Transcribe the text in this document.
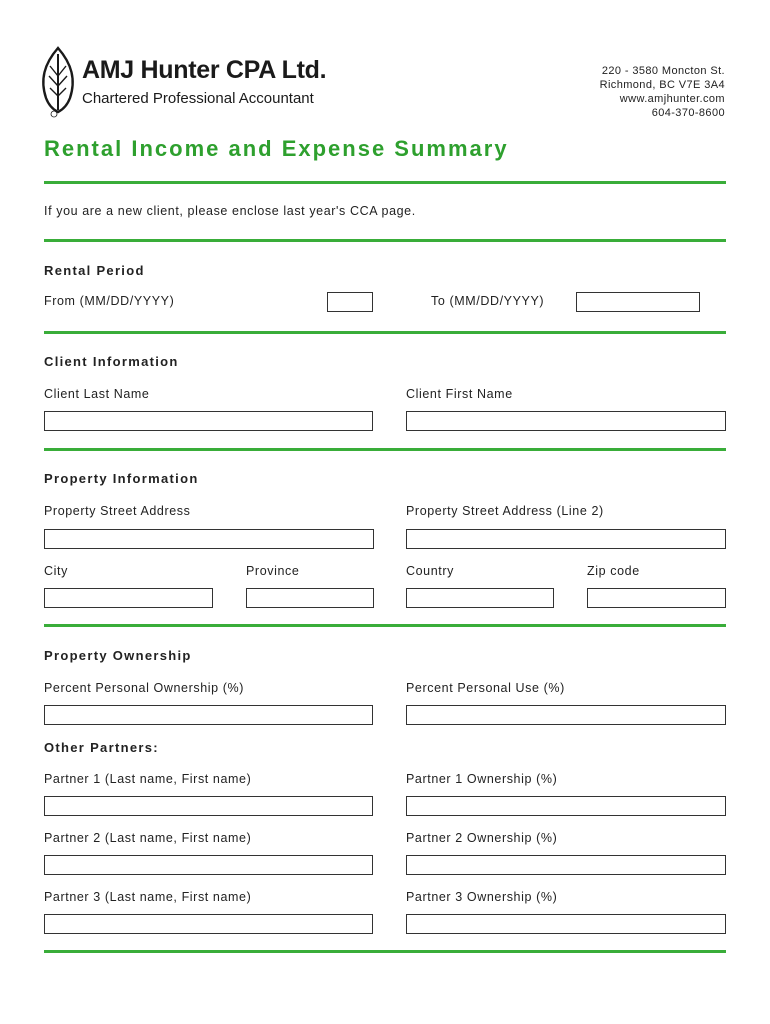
AMJ Hunter CPA Ltd.
Chartered Professional Accountant
220 - 3580 Moncton St.
Richmond, BC V7E 3A4
www.amjhunter.com
604-370-8600
Rental Income and Expense Summary
If you are a new client, please enclose last year's CCA page.
Rental Period
From (MM/DD/YYYY)	To (MM/DD/YYYY)
Client Information
Client Last Name	Client First Name
Property Information
Property Street Address	Property Street Address (Line 2)
City	Province	Country	Zip code
Property Ownership
Percent Personal Ownership (%)	Percent Personal Use (%)
Other Partners:
Partner 1 (Last name, First name)	Partner 1 Ownership (%)
Partner 2 (Last name, First name)	Partner 2 Ownership (%)
Partner 3 (Last name, First name)	Partner 3 Ownership (%)
